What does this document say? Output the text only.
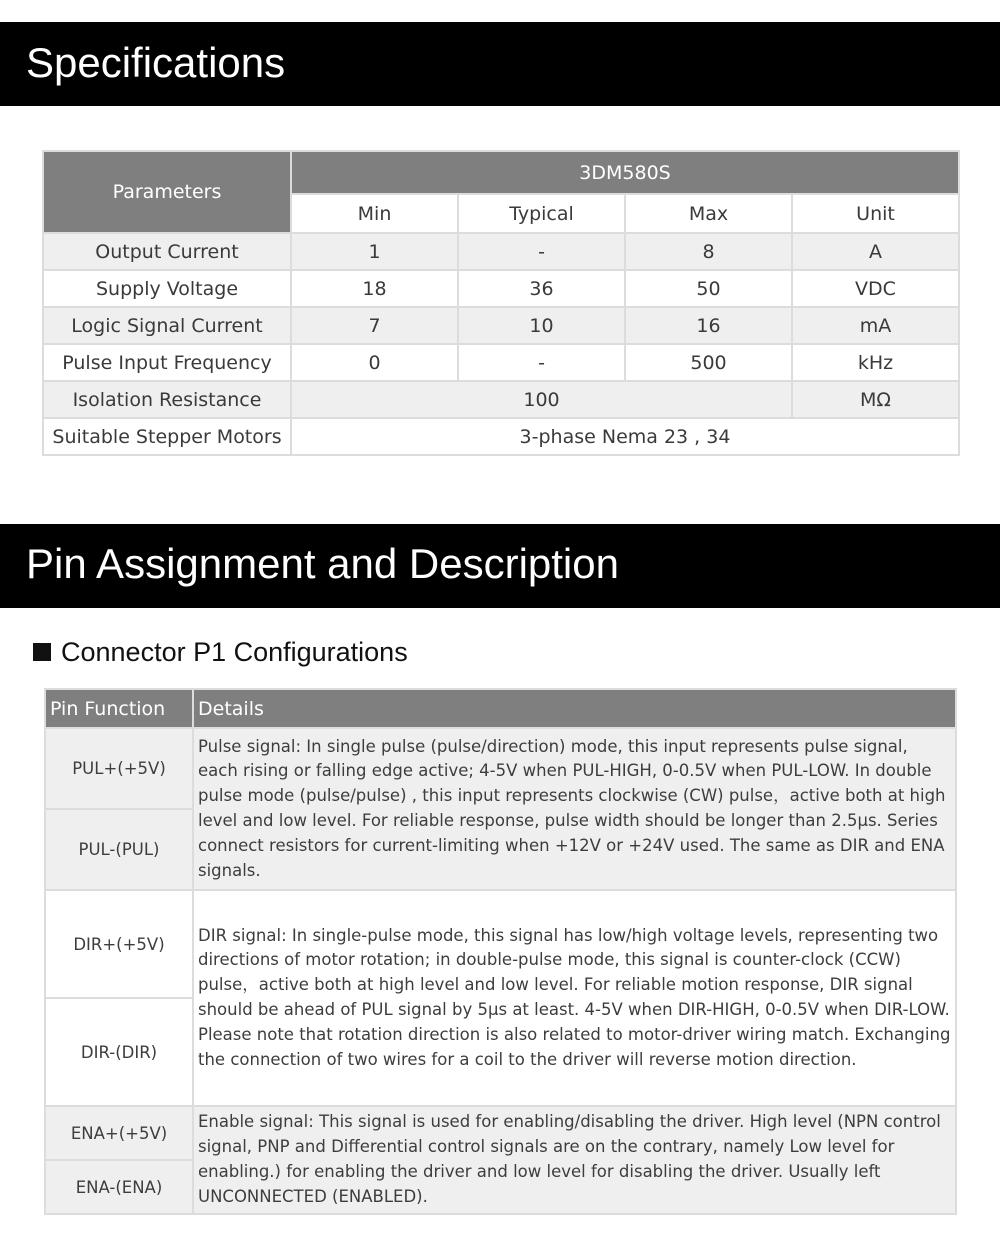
Specifications
Parameters	3DM580S			
	Min	Typical	Max	Unit
Output Current	1	-	8	A
Supply Voltage	18	36	50	VDC
Logic Signal Current	7	10	16	mA
Pulse Input Frequency	0	-	500	kHz
Isolation Resistance	100			MΩ
Suitable Stepper Motors	3-phase Nema 23 , 34			
Pin Assignment and Description
Connector P1 Configurations
Pin Function	Details
PUL+(+5V)	Pulse signal: In single pulse (pulse/direction) mode, this input represents pulse signal, each rising or falling edge active; 4-5V when PUL-HIGH, 0-0.5V when PUL-LOW. In double pulse mode (pulse/pulse) , this input represents clockwise (CW) pulse，active both at high level and low level. For reliable response, pulse width should be longer than 2.5μs. Series connect resistors for current-limiting when +12V or +24V used. The same as DIR and ENA signals.
PUL-(PUL)	
DIR+(+5V)	DIR signal: In single-pulse mode, this signal has low/high voltage levels, representing two directions of motor rotation; in double-pulse mode, this signal is counter-clock (CCW) pulse，active both at high level and low level. For reliable motion response, DIR signal should be ahead of PUL signal by 5μs at least. 4-5V when DIR-HIGH, 0-0.5V when DIR-LOW. Please note that rotation direction is also related to motor-driver wiring match. Exchanging the connection of two wires for a coil to the driver will reverse motion direction.
DIR-(DIR)	
ENA+(+5V)	Enable signal: This signal is used for enabling/disabling the driver. High level (NPN control signal, PNP and Differential control signals are on the contrary, namely Low level for enabling.) for enabling the driver and low level for disabling the driver. Usually left UNCONNECTED (ENABLED).
ENA-(ENA)	
